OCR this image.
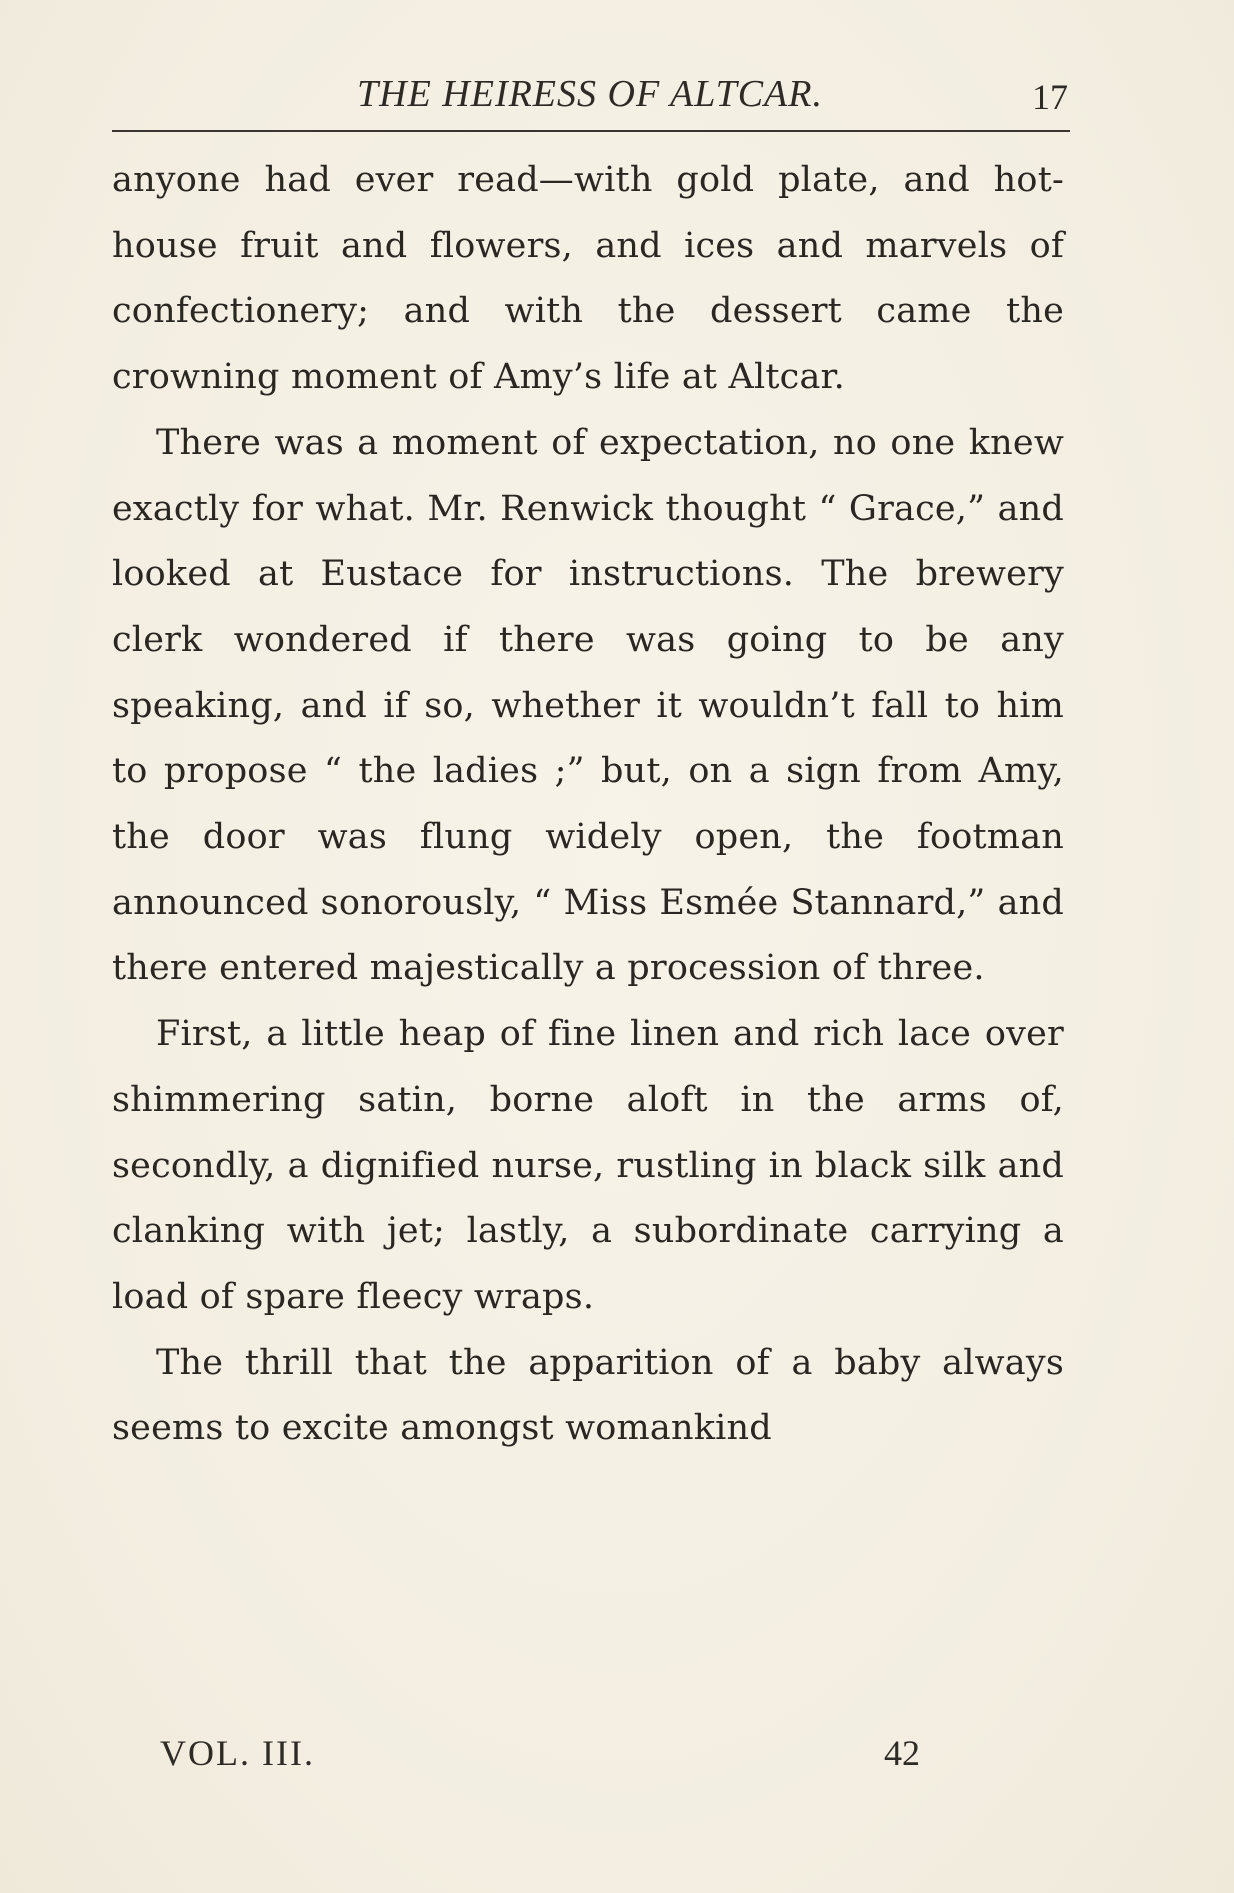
THE HEIRESS OF ALTCAR.	17

anyone had ever read—with gold plate, and hot-house fruit and flowers, and ices and marvels of confectionery; and with the dessert came the crowning moment of Amy’s life at Altcar.

There was a moment of expectation, no one knew exactly for what. Mr. Renwick thought “ Grace,” and looked at Eustace for instructions. The brewery clerk wondered if there was going to be any speaking, and if so, whether it wouldn’t fall to him to propose “ the ladies ;” but, on a sign from Amy, the door was flung widely open, the footman announced sonorously, “ Miss Esmée Stannard,” and there entered majestically a procession of three.

First, a little heap of fine linen and rich lace over shimmering satin, borne aloft in the arms of, secondly, a dignified nurse, rustling in black silk and clanking with jet; lastly, a subordinate carrying a load of spare fleecy wraps.

The thrill that the apparition of a baby always seems to excite amongst womankind

VOL. III.	42
